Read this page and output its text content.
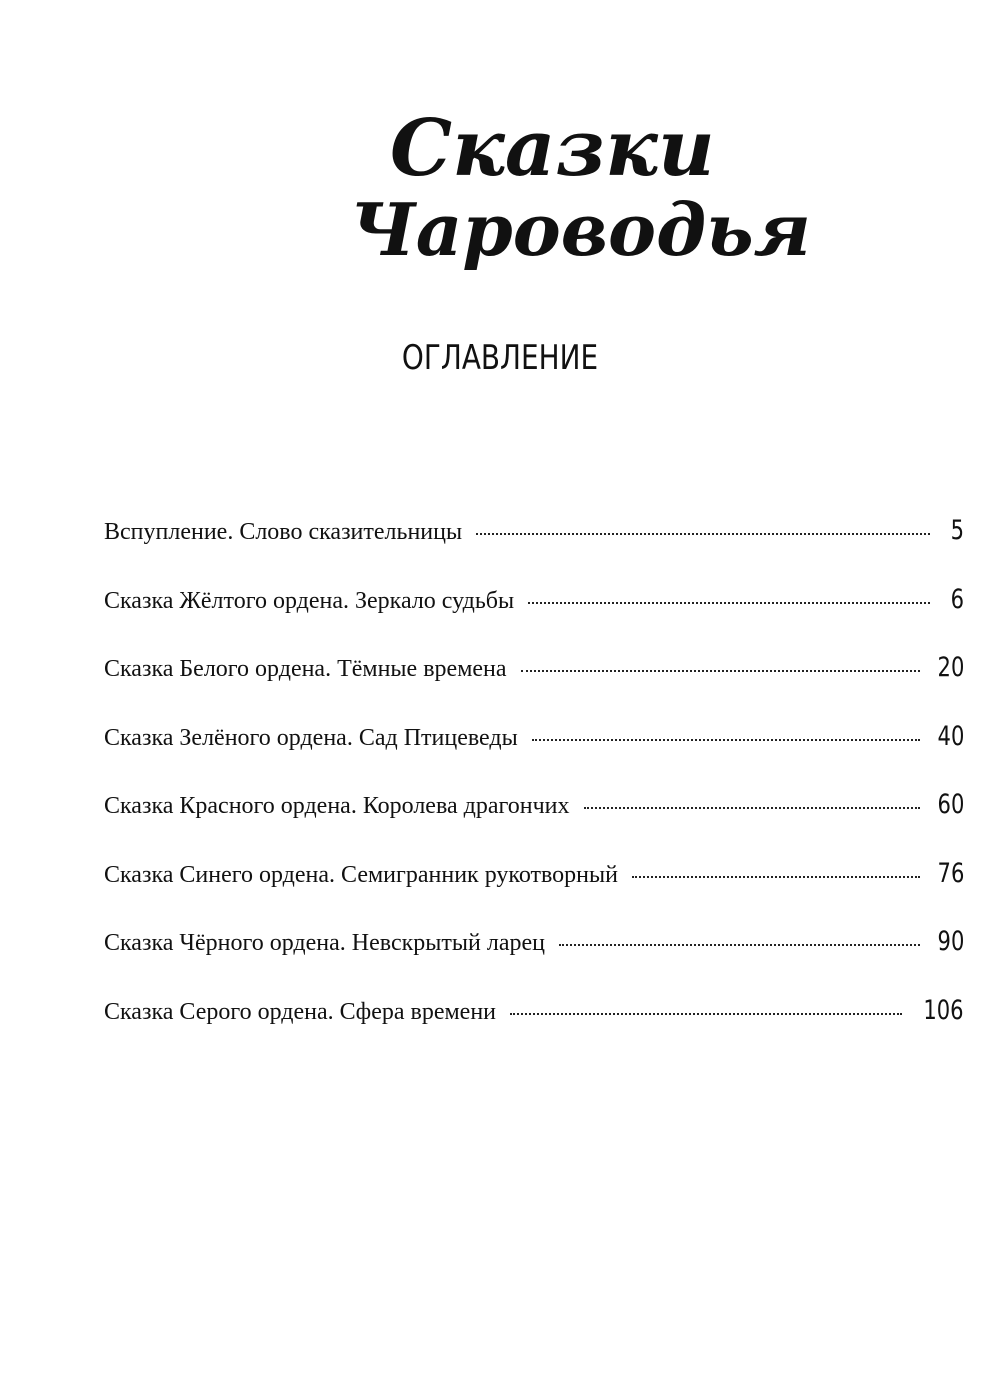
Сказки
Чароводья
ОГЛАВЛЕНИЕ
Вспупление. Слово сказительницы	5
Сказка Жёлтого ордена. Зеркало судьбы	6
Сказка Белого ордена. Тёмные времена	20
Сказка Зелёного ордена. Сад Птицеведы	40
Сказка Красного ордена. Королева драгончих	60
Сказка Синего ордена. Семигранник рукотворный	76
Сказка Чёрного ордена. Невскрытый ларец	90
Сказка Серого ордена. Сфера времени	106
